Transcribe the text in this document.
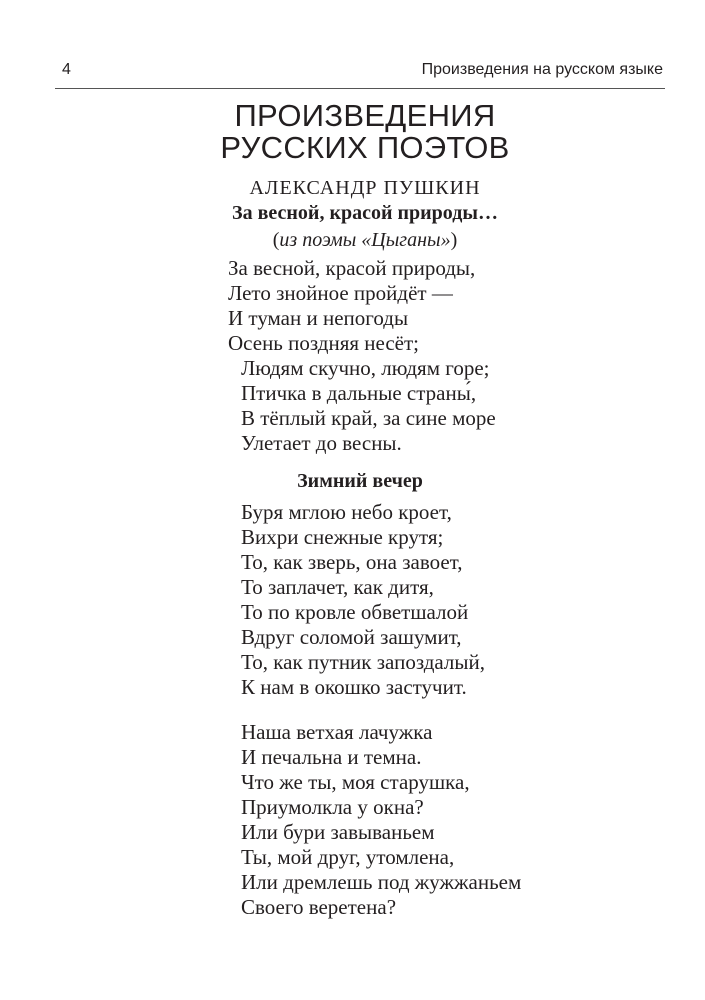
4	Произведения на русском языке
ПРОИЗВЕДЕНИЯ
РУССКИХ ПОЭТОВ
АЛЕКСАНДР ПУШКИН
За весной, красой природы…
(из поэмы «Цыганы»)
За весной, красой природы,
Лето знойное пройдёт —
И туман и непогоды
Осень поздняя несёт;
Людям скучно, людям горе;
Птичка в дальные страны́,
В тёплый край, за сине море
Улетает до весны.
Зимний вечер
Буря мглою небо кроет,
Вихри снежные крутя;
То, как зверь, она завоет,
То заплачет, как дитя,
То по кровле обветшалой
Вдруг соломой зашумит,
То, как путник запоздалый,
К нам в окошко застучит.
Наша ветхая лачужка
И печальна и темна.
Что же ты, моя старушка,
Приумолкла у окна?
Или бури завываньем
Ты, мой друг, утомлена,
Или дремлешь под жужжаньем
Своего веретена?
